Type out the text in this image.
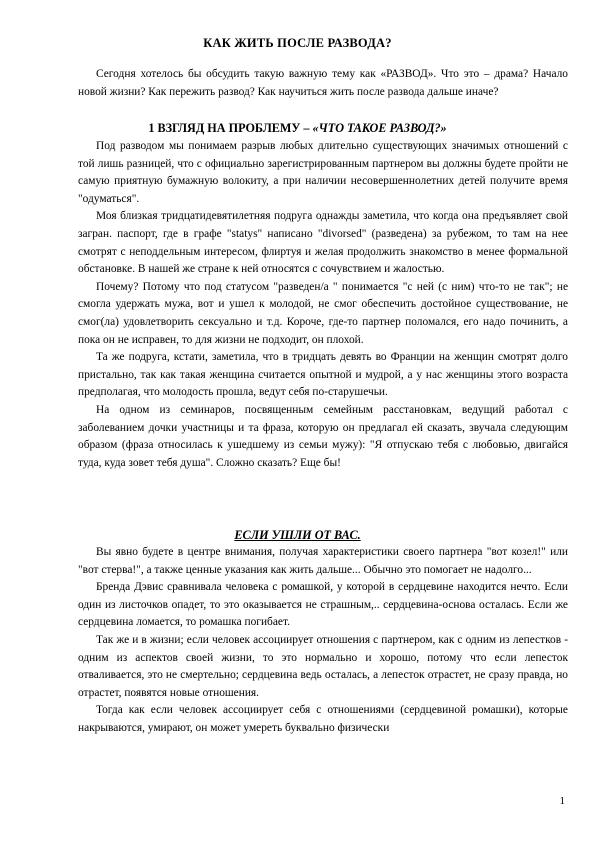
КАК ЖИТЬ ПОСЛЕ РАЗВОДА?

Сегодня хотелось бы обсудить такую важную тему как «РАЗВОД». Что это – драма? Начало новой жизни? Как пережить развод? Как научиться жить после развода дальше иначе?

1 ВЗГЛЯД НА ПРОБЛЕМУ – «ЧТО ТАКОЕ РАЗВОД?»

Под разводом мы понимаем разрыв любых длительно существующих значимых отношений с той лишь разницей, что с официально зарегистрированным партнером вы должны будете пройти не самую приятную бумажную волокиту, а при наличии несовершеннолетних детей получите время "одуматься".

Моя близкая тридцатидевятилетняя подруга однажды заметила, что когда она предъявляет свой загран. паспорт, где в графе "statys" написано "divorsed" (разведена) за рубежом, то там на нее смотрят с неподдельным интересом, флиртуя и желая продолжить знакомство в менее формальной обстановке. В нашей же стране к ней относятся с сочувствием и жалостью.

Почему? Потому что под статусом "разведен/а " понимается "с ней (с ним) что-то не так"; не смогла удержать мужа, вот и ушел к молодой, не смог обеспечить достойное существование, не смог(ла) удовлетворить сексуально и т.д. Короче, где-то партнер поломался, его надо починить, а пока он не исправен, то для жизни не подходит, он плохой.

Та же подруга, кстати, заметила, что в тридцать девять во Франции на женщин смотрят долго пристально, так как такая женщина считается опытной и мудрой, а у нас женщины этого возраста предполагая, что молодость прошла, ведут себя по-старушечьи.

На одном из семинаров, посвященным семейным расстановкам, ведущий работал с заболеванием дочки участницы и та фраза, которую он предлагал ей сказать, звучала следующим образом (фраза относилась к ушедшему из семьи мужу): "Я отпускаю тебя с любовью, двигайся туда, куда зовет тебя душа". Сложно сказать? Еще бы!

ЕСЛИ УШЛИ ОТ ВАС.

Вы явно будете в центре внимания, получая характеристики своего партнера "вот козел!" или "вот стерва!", а также ценные указания как жить дальше... Обычно это помогает не надолго...

Бренда Дэвис сравнивала человека с ромашкой, у которой в сердцевине находится нечто. Если один из листочков опадет, то это оказывается не страшным,.. сердцевина-основа осталась. Если же сердцевина ломается, то ромашка погибает.

Так же и в жизни; если человек ассоциирует отношения с партнером, как с одним из лепестков - одним из аспектов своей жизни, то это нормально и хорошо, потому что если лепесток отваливается, это не смертельно; сердцевина ведь осталась, а лепесток отрастет, не сразу правда, но отрастет, появятся новые отношения.

Тогда как если человек ассоциирует себя с отношениями (сердцевиной ромашки), которые накрываются, умирают, он может умереть буквально физически

1
